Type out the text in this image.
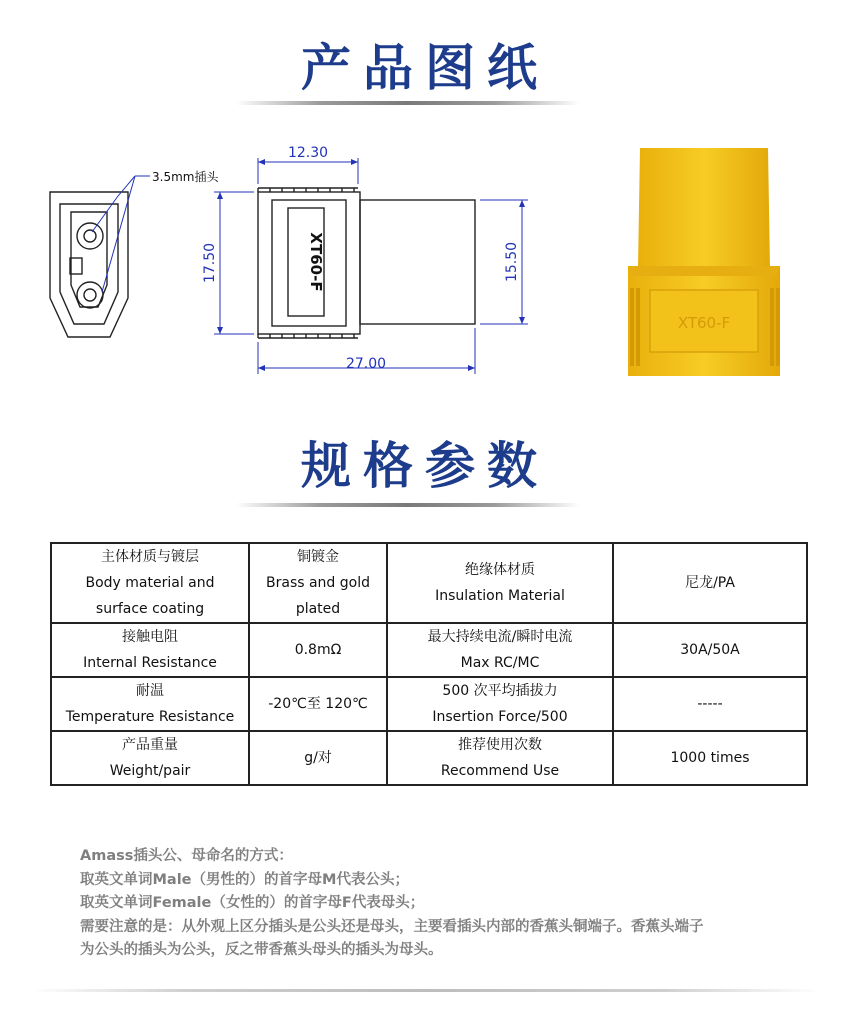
产品图纸
3.5mm插头
12.30
17.50	15.50
27.00
XT60-F
XT60-F
规格参数
主体材质与镀层
Body material and
surface coating	铜镀金
Brass and gold
plated	绝缘体材质
Insulation Material	尼龙/PA

接触电阻
Internal Resistance	0.8mΩ	最大持续电流/瞬时电流
Max RC/MC	30A/50A

耐温
Temperature Resistance	-20℃至 120℃	500 次平均插拔力
Insertion Force/500	-----

产品重量
Weight/pair	g/对	推荐使用次数
Recommend Use	1000 times

Amass插头公、母命名的方式：

取英文单词Male（男性的）的首字母M代表公头；

取英文单词Female（女性的）的首字母F代表母头；

需要注意的是：从外观上区分插头是公头还是母头，主要看插头内部的香蕉头铜端子。香蕉头端子

为公头的插头为公头，反之带香蕉头母头的插头为母头。
